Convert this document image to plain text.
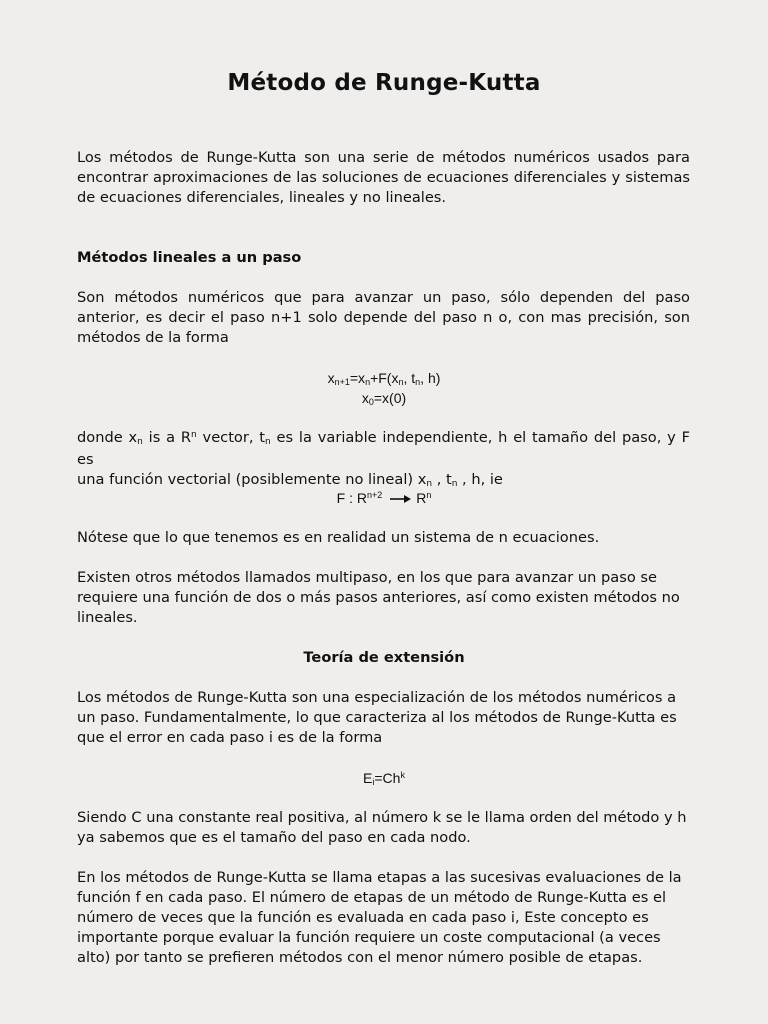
Método de Runge-Kutta

Los métodos de Runge-Kutta son una serie de métodos numéricos usados para encontrar aproximaciones de las soluciones de ecuaciones diferenciales y sistemas de ecuaciones diferenciales, lineales y no lineales.

Métodos lineales a un paso

Son métodos numéricos que para avanzar un paso, sólo dependen del paso anterior, es decir el paso n+1 solo depende del paso n o, con mas precisión, son métodos de la forma

xn+1=xn+F(xn, tn, h)
x0=x(0)

donde xn is a $R^n$ vector, tn es la variable independiente, h el tamaño del paso, y F es
una función vectorial (posiblemente no lineal) xn , tn , h, ie

F : $R^{n+2}$ $R^n$

Nótese que lo que tenemos es en realidad un sistema de n ecuaciones.

Existen otros métodos llamados multipaso, en los que para avanzar un paso se requiere una función de dos o más pasos anteriores, así como existen métodos no lineales.

Teoría de extensión

Los métodos de Runge-Kutta son una especialización de los métodos numéricos a un paso. Fundamentalmente, lo que caracteriza al los métodos de Runge-Kutta es que el error en cada paso i es de la forma

$Ei=Ch^k$

Siendo C una constante real positiva, al número k se le llama orden del método y h ya sabemos que es el tamaño del paso en cada nodo.

En los métodos de Runge-Kutta se llama etapas a las sucesivas evaluaciones de la función f en cada paso. El número de etapas de un método de Runge-Kutta es el número de veces que la función es evaluada en cada paso i, Este concepto es importante porque evaluar la función requiere un coste computacional (a veces alto) por tanto se prefieren métodos con el menor número posible de etapas.
